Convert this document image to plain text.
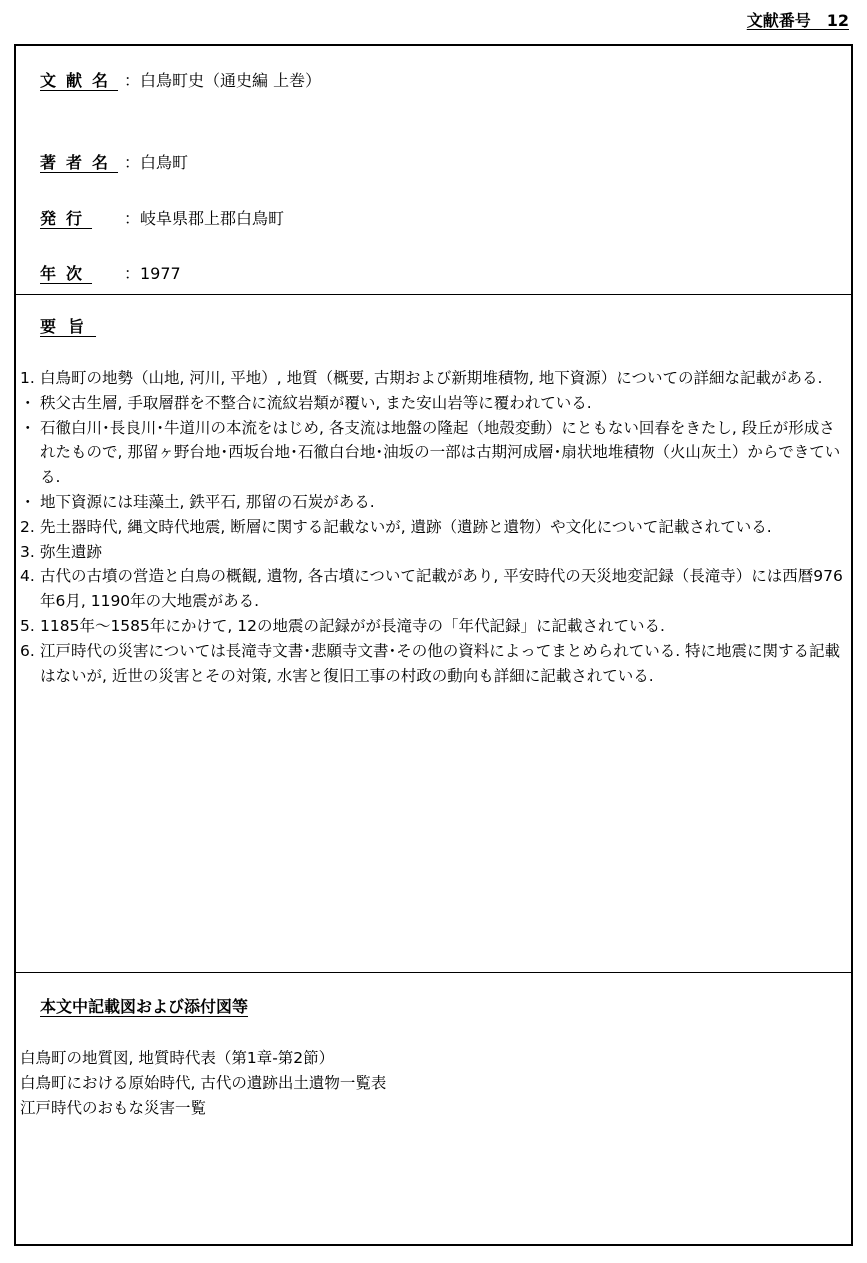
文献番号　12
文献名 ：白鳥町史（通史編 上巻）
著者名 ：白鳥町
発行	：岐阜県郡上郡白鳥町
年次	：1977
要旨
1. 白鳥町の地勢（山地, 河川, 平地）, 地質（概要, 古期および新期堆積物, 地下資源）についての詳細な記載がある.
・ 秩父古生層, 手取層群を不整合に流紋岩類が覆い, また安山岩等に覆われている.
・ 石徹白川･長良川･牛道川の本流をはじめ, 各支流は地盤の隆起（地殻変動）にともない回春をきたし, 段丘が形成されたもので, 那留ヶ野台地･西坂台地･石徹白台地･油坂の一部は古期河成層･扇状地堆積物（火山灰土）からできている.
・ 地下資源には珪藻土, 鉄平石, 那留の石炭がある.
2. 先土器時代, 縄文時代地震, 断層に関する記載ないが, 遺跡（遺跡と遺物）や文化について記載されている.
3. 弥生遺跡
4. 古代の古墳の営造と白鳥の概観, 遺物, 各古墳について記載があり, 平安時代の天災地変記録（長滝寺）には西暦976年6月, 1190年の大地震がある.
5. 1185年～1585年にかけて, 12の地震の記録がが長滝寺の「年代記録」に記載されている.
6. 江戸時代の災害については長滝寺文書･悲願寺文書･その他の資料によってまとめられている. 特に地震に関する記載はないが, 近世の災害とその対策, 水害と復旧工事の村政の動向も詳細に記載されている.
本文中記載図および添付図等
白鳥町の地質図, 地質時代表（第1章-第2節）
白鳥町における原始時代, 古代の遺跡出土遺物一覧表
江戸時代のおもな災害一覧
